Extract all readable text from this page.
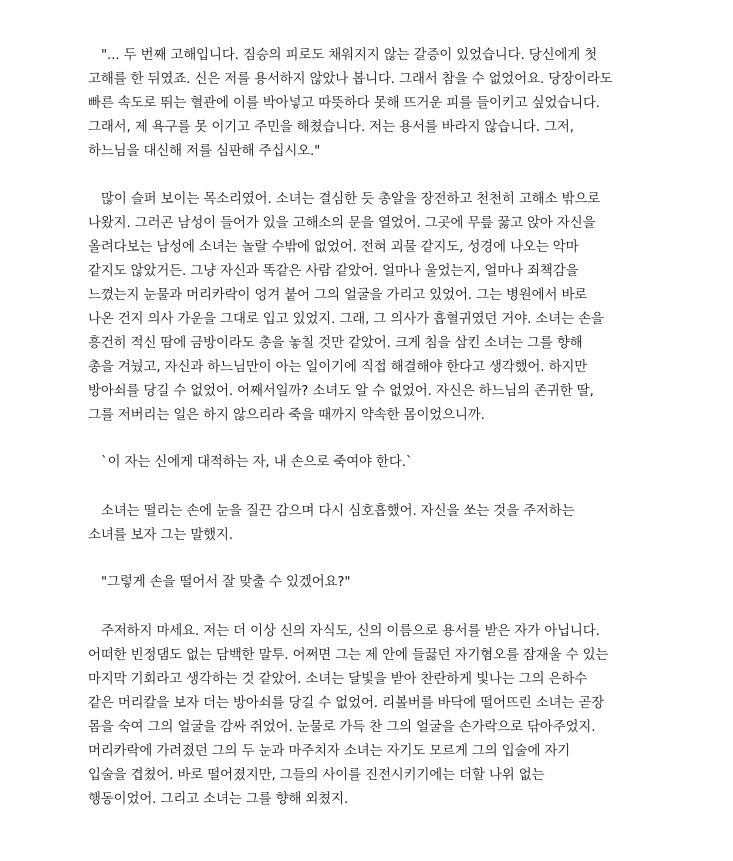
"... 두 번째 고해입니다. 짐승의 피로도 채워지지 않는 갈증이 있었습니다. 당신에게 첫
고해를 한 뒤였죠. 신은 저를 용서하지 않았나 봅니다. 그래서 참을 수 없었어요. 당장이라도
빠른 속도로 뛰는 혈관에 이를 박아넣고 따뜻하다 못해 뜨거운 피를 들이키고 싶었습니다.
그래서, 제 욕구를 못 이기고 주민을 해쳤습니다. 저는 용서를 바라지 않습니다. 그저,
하느님을 대신해 저를 심판해 주십시오."
많이 슬퍼 보이는 목소리였어. 소녀는 결심한 듯 총알을 장전하고 천천히 고해소 밖으로
나왔지. 그러곤 남성이 들어가 있을 고해소의 문을 열었어. 그곳에 무릎 꿇고 앉아 자신을
올려다보는 남성에 소녀는 놀랄 수밖에 없었어. 전혀 괴물 같지도, 성경에 나오는 악마
같지도 않았거든. 그냥 자신과 똑같은 사람 같았어. 얼마나 울었는지, 얼마나 죄책감을
느꼈는지 눈물과 머리카락이 엉겨 붙어 그의 얼굴을 가리고 있었어. 그는 병원에서 바로
나온 건지 의사 가운을 그대로 입고 있었지. 그래, 그 의사가 흡혈귀였던 거야. 소녀는 손을
흥건히 적신 땀에 금방이라도 총을 놓칠 것만 같았어. 크게 침을 삼킨 소녀는 그를 향해
총을 겨눴고, 자신과 하느님만이 아는 일이기에 직접 해결해야 한다고 생각했어. 하지만
방아쇠를 당길 수 없었어. 어째서일까? 소녀도 알 수 없었어. 자신은 하느님의 존귀한 딸,
그를 저버리는 일은 하지 않으리라 죽을 때까지 약속한 몸이었으니까.
`이 자는 신에게 대적하는 자, 내 손으로 죽여야 한다.`
소녀는 떨리는 손에 눈을 질끈 감으며 다시 심호흡했어. 자신을 쏘는 것을 주저하는
소녀를 보자 그는 말했지.
"그렇게 손을 떨어서 잘 맞출 수 있겠어요?"
주저하지 마세요. 저는 더 이상 신의 자식도, 신의 이름으로 용서를 받은 자가 아닙니다.
어떠한 빈정댐도 없는 담백한 말투. 어쩌면 그는 제 안에 들끓던 자기혐오를 잠재울 수 있는
마지막 기회라고 생각하는 것 같았어. 소녀는 달빛을 받아 찬란하게 빛나는 그의 은하수
같은 머리칼을 보자 더는 방아쇠를 당길 수 없었어. 리볼버를 바닥에 떨어뜨린 소녀는 곧장
몸을 숙여 그의 얼굴을 감싸 쥐었어. 눈물로 가득 찬 그의 얼굴을 손가락으로 닦아주었지.
머리카락에 가려졌던 그의 두 눈과 마주치자 소녀는 자기도 모르게 그의 입술에 자기
입술을 겹쳤어. 바로 떨어졌지만, 그들의 사이를 진전시키기에는 더할 나위 없는
행동이었어. 그리고 소녀는 그를 향해 외쳤지.
